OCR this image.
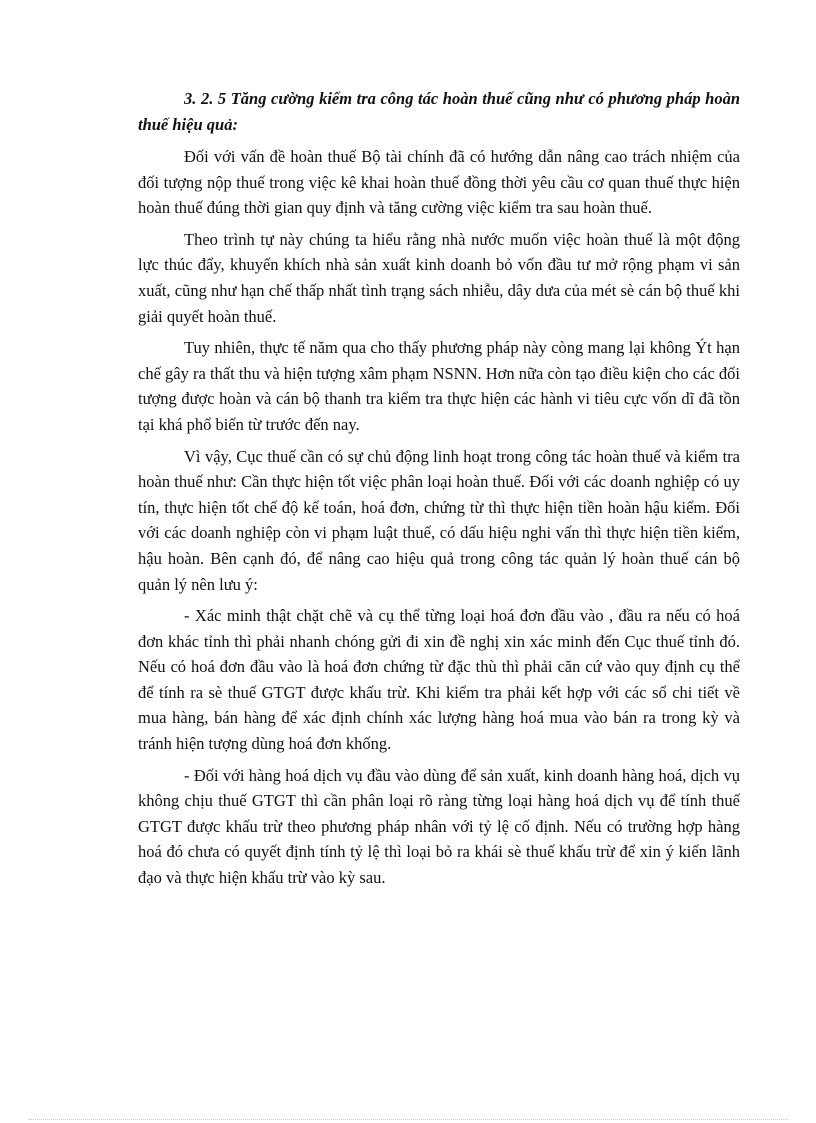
3. 2. 5 Tăng cường kiểm tra công tác hoàn thuế cũng như có phương pháp hoàn thuế hiệu quả:

Đối với vấn đề hoàn thuế Bộ tài chính đã có hướng dẫn nâng cao trách nhiệm của đối tượng nộp thuế trong việc kê khai hoàn thuế đồng thời yêu cầu cơ quan thuế thực hiện hoàn thuế đúng thời gian quy định và tăng cường việc kiểm tra sau hoàn thuế.

Theo trình tự này chúng ta hiểu rằng nhà nước muốn việc hoàn thuế là một động lực thúc đẩy, khuyến khích nhà sản xuất kinh doanh bỏ vốn đầu tư mở rộng phạm vi sản xuất, cũng như hạn chế thấp nhất tình trạng sách nhiễu, dây dưa của mét sè cán bộ thuế khi giải quyết hoàn thuế.

Tuy nhiên, thực tế năm qua cho thấy phương pháp này còng mang lại không Ýt hạn chế gây ra thất thu và hiện tượng xâm phạm NSNN. Hơn nữa còn tạo điều kiện cho các đối tượng được hoàn và cán bộ thanh tra kiểm tra thực hiện các hành vi tiêu cực vốn dĩ đã tồn tại khá phổ biến từ trước đến nay.

Vì vậy, Cục thuế cần có sự chủ động linh hoạt trong công tác hoàn thuế và kiểm tra hoàn thuế như: Cần thực hiện tốt việc phân loại hoàn thuế. Đối với các doanh nghiệp có uy tín, thực hiện tốt chế độ kế toán, hoá đơn, chứng từ thì thực hiện tiền hoàn hậu kiểm. Đối với các doanh nghiệp còn vi phạm luật thuế, có dấu hiệu nghi vấn thì thực hiện tiền kiểm, hậu hoàn. Bên cạnh đó, để nâng cao hiệu quả trong công tác quản lý hoàn thuế cán bộ quản lý nên lưu ý:

- Xác minh thật chặt chẽ và cụ thể từng loại hoá đơn đầu vào , đầu ra nếu có hoá đơn khác tỉnh thì phải nhanh chóng gửi đi xin đề nghị xin xác minh đến Cục thuế tỉnh đó. Nếu có hoá đơn đầu vào là hoá đơn chứng từ đặc thù thì phải căn cứ vào quy định cụ thể để tính ra sè thuế GTGT được khấu trừ. Khi kiểm tra phải kết hợp với các sổ chi tiết về mua hàng, bán hàng để xác định chính xác lượng hàng hoá mua vào bán ra trong kỳ và tránh hiện tượng dùng hoá đơn khống.

- Đối với hàng hoá dịch vụ đầu vào dùng để sản xuất, kinh doanh hàng hoá, dịch vụ không chịu thuế GTGT thì cần phân loại rõ ràng từng loại hàng hoá dịch vụ để tính thuế GTGT được khấu trừ theo phương pháp nhân với tỷ lệ cố định. Nếu có trường hợp hàng hoá đó chưa có quyết định tính tỷ lệ thì loại bỏ ra khái sè thuế khấu trừ để xin ý kiến lãnh đạo và thực hiện khấu trừ vào kỳ sau.
